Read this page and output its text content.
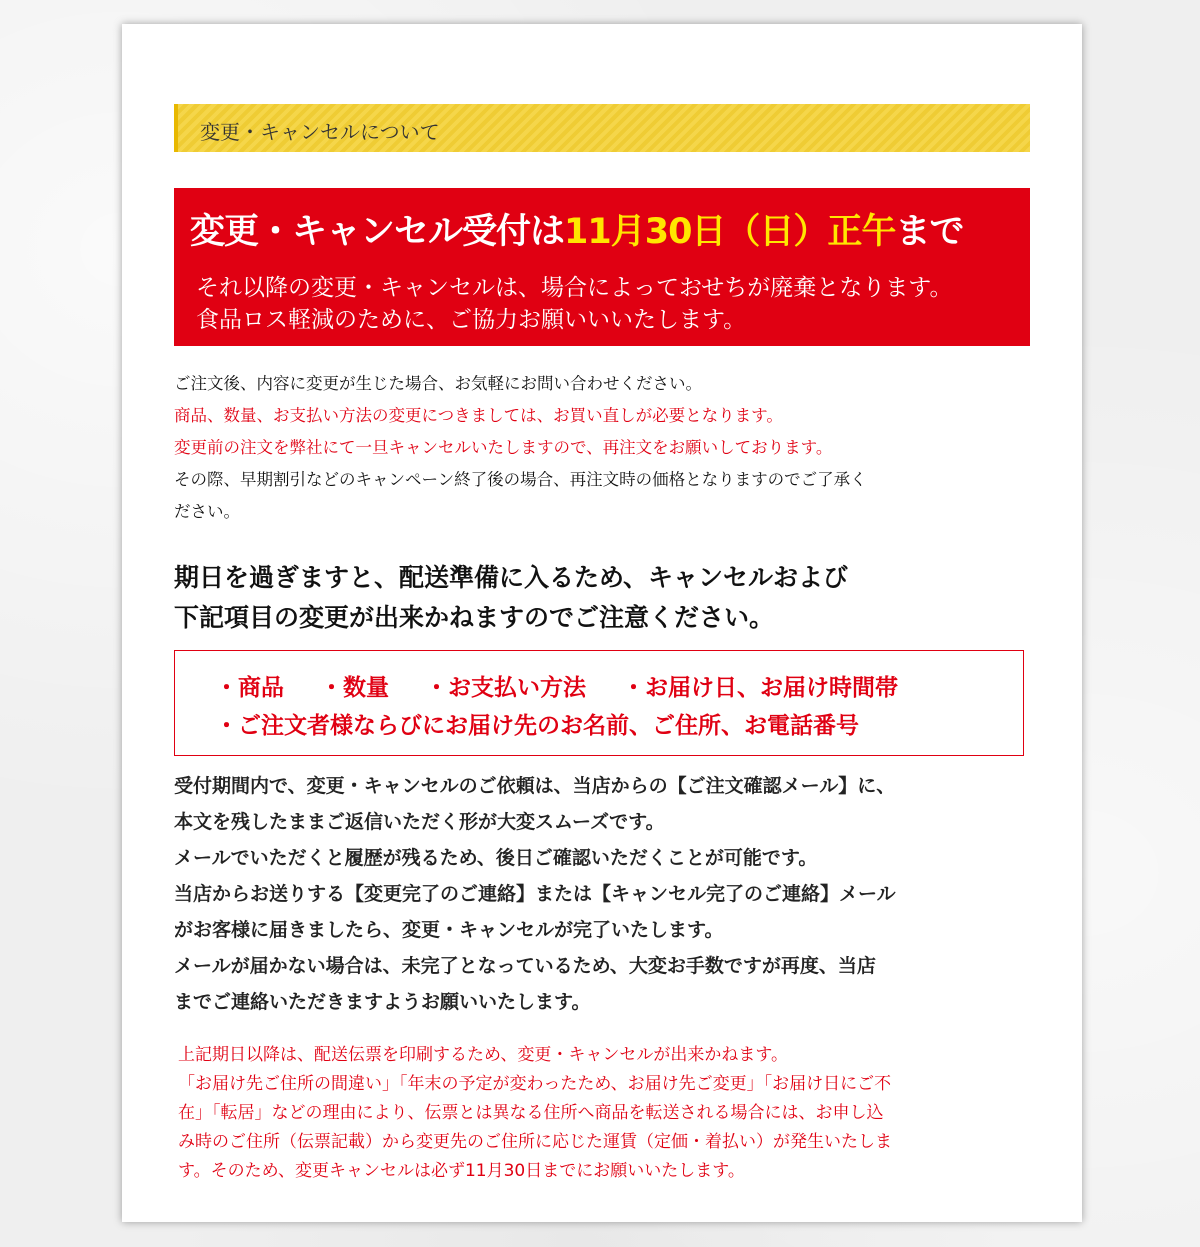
変更・キャンセルについて
変更・キャンセル受付は11月30日（日）正午まで
それ以降の変更・キャンセルは、場合によっておせちが廃棄となります。
食品ロス軽減のために、ご協力お願いいいたします。
ご注文後、内容に変更が生じた場合、お気軽にお問い合わせください。
商品、数量、お支払い方法の変更につきましては、お買い直しが必要となります。
変更前の注文を弊社にて一旦キャンセルいたしますので、再注文をお願いしております。
その際、早期割引などのキャンペーン終了後の場合、再注文時の価格となりますのでご了承く
ださい。
期日を過ぎますと、配送準備に入るため、キャンセルおよび
下記項目の変更が出来かねますのでご注意ください。
・商品 ・数量 ・お支払い方法 ・お届け日、お届け時間帯
・ご注文者様ならびにお届け先のお名前、ご住所、お電話番号
受付期間内で、変更・キャンセルのご依頼は、当店からの【ご注文確認メール】に、
本文を残したままご返信いただく形が大変スムーズです。
メールでいただくと履歴が残るため、後日ご確認いただくことが可能です。
当店からお送りする【変更完了のご連絡】または【キャンセル完了のご連絡】メール
がお客様に届きましたら、変更・キャンセルが完了いたします。
メールが届かない場合は、未完了となっているため、大変お手数ですが再度、当店
までご連絡いただきますようお願いいたします。
上記期日以降は、配送伝票を印刷するため、変更・キャンセルが出来かねます。
「お届け先ご住所の間違い」「年末の予定が変わったため、お届け先ご変更」「お届け日にご不
在」「転居」などの理由により、伝票とは異なる住所へ商品を転送される場合には、お申し込
み時のご住所（伝票記載）から変更先のご住所に応じた運賃（定価・着払い）が発生いたしま
す。そのため、変更キャンセルは必ず11月30日までにお願いいたします。
